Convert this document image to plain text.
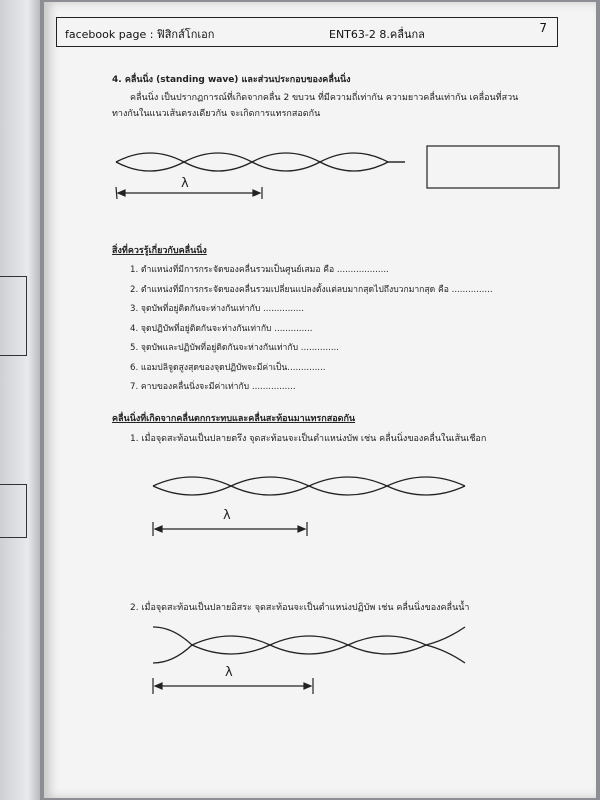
facebook page : ฟิสิกส์โกเอก	ENT63-2 8.คลื่นกล	7
4. คลื่นนิ่ง (standing wave) และส่วนประกอบของคลื่นนิ่ง
คลื่นนิ่ง เป็นปรากฏการณ์ที่เกิดจากคลื่น 2 ขบวน ที่มีความถี่เท่ากัน ความยาวคลื่นเท่ากัน เคลื่อนที่สวน
ทางกันในแนวเส้นตรงเดียวกัน จะเกิดการแทรกสอดกัน
λ
สิ่งที่ควรรู้เกี่ยวกับคลื่นนิ่ง
1. ตำแหน่งที่มีการกระจัดของคลื่นรวมเป็นศูนย์เสมอ คือ ...................
2. ตำแหน่งที่มีการกระจัดของคลื่นรวมเปลี่ยนแปลงตั้งแต่ลบมากสุดไปถึงบวกมากสุด คือ ...............
3. จุดบัพที่อยู่ติดกันจะห่างกันเท่ากับ ...............
4. จุดปฏิบัพที่อยู่ติดกันจะห่างกันเท่ากับ ..............
5. จุดบัพและปฏิบัพที่อยู่ติดกันจะห่างกันเท่ากับ ..............
6. แอมปลิจูดสูงสุดของจุดปฏิบัพจะมีค่าเป็น..............
7. คาบของคลื่นนิ่งจะมีค่าเท่ากับ ................
คลื่นนิ่งที่เกิดจากคลื่นตกกระทบและคลื่นสะท้อนมาแทรกสอดกัน
1. เมื่อจุดสะท้อนเป็นปลายตรึง จุดสะท้อนจะเป็นตำแหน่งบัพ เช่น คลื่นนิ่งของคลื่นในเส้นเชือก
λ
2. เมื่อจุดสะท้อนเป็นปลายอิสระ จุดสะท้อนจะเป็นตำแหน่งปฏิบัพ เช่น คลื่นนิ่งของคลื่นน้ำ
λ
